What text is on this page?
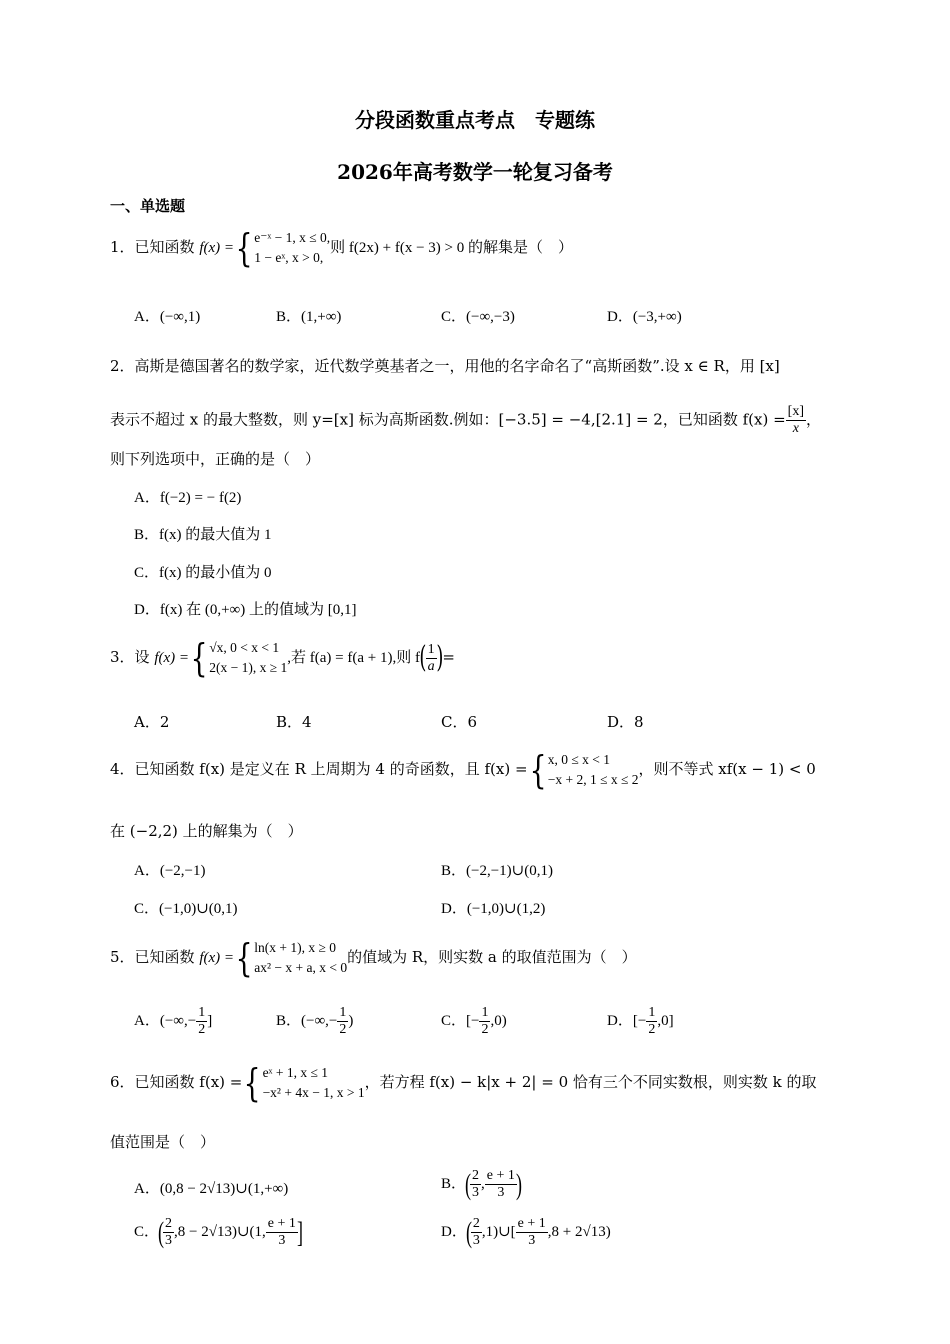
分段函数重点考点　专题练
2026年高考数学一轮复习备考
一、单选题
1．已知函数 f(x) ={ e⁻ˣ − 1, x ≤ 0,
1 − eˣ, x > 0,
则 f(2x) + f(x − 3) > 0 的解集是（　）
A．(−∞,1)	B．(1,+∞)	C．(−∞,−3)	D．(−3,+∞)
2．高斯是德国著名的数学家，近代数学奠基者之一，用他的名字命名了“高斯函数”.设 x ∈ R，用 [x]
表示不超过 x 的最大整数，则 y=[x] 标为高斯函数.例如：[−3.5] = −4,[2.1] = 2，已知函数 $f(x) = \frac{[x]}{x}$ ，
则下列选项中，正确的是（　）
A．f(−2) = − f(2)
B．f(x) 的最大值为 1
C．f(x) 的最小值为 0
D．f(x) 在 (0,+∞) 上的值域为 [0,1]
3．设 f(x) ={ √x, 0 < x < 1
2(x − 1), x ≥ 1
,若 f(a) = f(a + 1),则 $f( \frac{1}{a}$ )=
A．2	B．4	C．6	D．8
4．已知函数 f(x) 是定义在 R 上周期为 4 的奇函数，且 f(x) ={ x, 0 ≤ x < 1
−x + 2, 1 ≤ x ≤ 2
，则不等式 xf(x − 1) < 0
在 (−2,2) 上的解集为（　）
A．(−2,−1)	B．(−2,−1)∪(0,1)
C．(−1,0)∪(0,1)	D．(−1,0)∪(1,2)
5．已知函数 f(x) ={ ln(x + 1), x ≥ 0
ax² − x + a, x < 0
的值域为 R，则实数 a 的取值范围为（　）
A．(−∞,− $\frac{1}{2}$ ]	B．(−∞,− $\frac{1}{2}$ )	C．[− $\frac{1}{2} ,0$)	D．[− $\frac{1}{2} ,0$]
6．已知函数 f(x) ={ eˣ + 1, x ≤ 1
−x² + 4x − 1, x > 1
，若方程 f(x) − k|x + 2| = 0 恰有三个不同实数根，则实数 k 的取
值范围是（　）
A．(0,8 − 2√13)∪(1,+∞)	B．( $\frac{2}{3}$ , $\frac{e + 1}{3}$ )
C．( $\frac{2}{3} ,8$ − 2√13)∪(1, $\frac{e + 1}{3}$ ]	D．( $\frac{2}{3}$ ,1)∪[ $\frac{e + 1}{3} ,8 + 2√13$)
